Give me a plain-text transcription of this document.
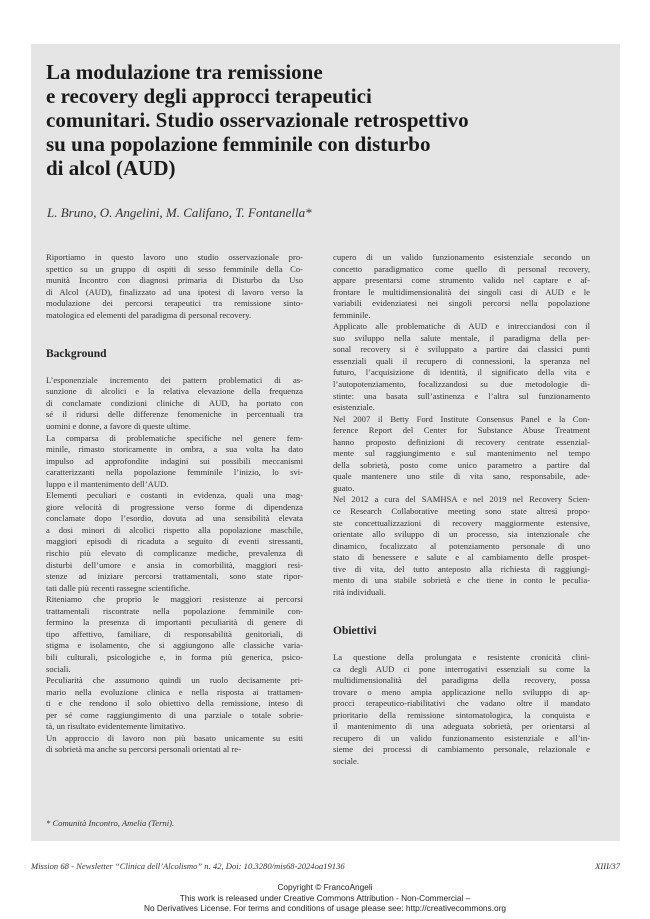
La modulazione tra remissione
e recovery degli approcci terapeutici
comunitari. Studio osservazionale retrospettivo
su una popolazione femminile con disturbo
di alcol (AUD)
L. Bruno, O. Angelini, M. Califano, T. Fontanella*

Riportiamo in questo lavoro uno studio osservazionale pro-
spettico su un gruppo di ospiti di sesso femminile della Co-
munità Incontro con diagnosi primaria di Disturbo da Uso
di Alcol (AUD), finalizzato ad una ipotesi di lavoro verso la
modulazione dei percorsi terapeutici tra remissione sinto-
matologica ed elementi del paradigma di personal recovery.

Background

L’esponenziale incremento dei pattern problematici di as-
sunzione di alcolici e la relativa elevazione della frequenza
di conclamate condizioni cliniche di AUD, ha portato con
sé il ridursi delle differenze fenomeniche in percentuali tra
uomini e donne, a favore di queste ultime.

La comparsa di problematiche specifiche nel genere fem-
minile, rimasto storicamente in ombra, a sua volta ha dato
impulso ad approfondite indagini sui possibili meccanismi
caratterizzanti nella popolazione femminile l’inizio, lo svi-
luppo e il mantenimento dell’AUD.

Elementi peculiari e costanti in evidenza, quali una mag-
giore velocità di progressione verso forme di dipendenza
conclamate dopo l’esordio, dovuta ad una sensibilità elevata
a dosi minori di alcolici rispetto alla popolazione maschile,
maggiori episodi di ricaduta a seguito di eventi stressanti,
rischio più elevato di complicanze mediche, prevalenza di
disturbi dell’umore e ansia in comorbilità, maggiori resi-
stenze ad iniziare percorsi trattamentali, sono state ripor-
tati dalle più recenti rassegne scientifiche.

Riteniamo che proprio le maggiori resistenze ai percorsi
trattamentali riscontrate nella popolazione femminile con-
fermino la presenza di importanti peculiarità di genere di
tipo affettivo, familiare, di responsabilità genitoriali, di
stigma e isolamento, che si aggiungono alle classiche varia-
bili culturali, psicologiche e, in forma più generica, psico-
sociali.

Peculiarità che assumono quindi un ruolo decisamente pri-
mario nella evoluzione clinica e nella risposta ai trattamen-
ti e che rendono il solo obiettivo della remissione, inteso di
per sé come raggiungimento di una parziale o totale sobrie-
tà, un risultato evidentemente limitativo.

Un approccio di lavoro non più basato unicamente su esiti
di sobrietà ma anche su percorsi personali orientati al re-

cupero di un valido funzionamento esistenziale secondo un
concetto paradigmatico come quello di personal recovery,
appare presentarsi come strumento valido nel captare e af-
frontare le multidimensionalità dei singoli casi di AUD e le
variabili evidenziatesi nei singoli percorsi nella popolazione
femminile.

Applicato alle problematiche di AUD e intrecciandosi con il
suo sviluppo nella salute mentale, il paradigma della per-
sonal recovery si è sviluppato a partire dai classici punti
essenziali quali il recupero di connessioni, la speranza nel
futuro, l’acquisizione di identità, il significato della vita e
l’autopotenziamento, focalizzandosi su due metodologie di-
stinte: una basata sull’astinenza e l’altra sul funzionamento
esistenziale.

Nel 2007 il Betty Ford Institute Consensus Panel e la Con-
ference Report del Center for Substance Abuse Treatment
hanno proposto definizioni di recovery centrate essenzial-
mente sul raggiungimento e sul mantenimento nel tempo
della sobrietà, posto come unico parametro a partire dal
quale mantenere uno stile di vita sano, responsabile, ade-
guato.

Nel 2012 a cura del SAMHSA e nel 2019 nel Recovery Scien-
ce Research Collaborative meeting sono state altresì propo-
ste concettualizzazioni di recovery maggiormente estensive,
orientate allo sviluppo di un processo, sia intenzionale che
dinamico, focalizzato al potenziamento personale di uno
stato di benessere e salute e al cambiamento delle prospet-
tive di vita, del tutto anteposto alla richiesta di raggiungi-
mento di una stabile sobrietà e che tiene in conto le peculia-
rità individuali.

Obiettivi

La questione della prolungata e resistente cronicità clini-
ca degli AUD ci pone interrogativi essenziali su come la
multidimensionalità del paradigma della recovery, possa
trovare o meno ampia applicazione nello sviluppo di ap-
procci terapeutico-riabilitativi che vadano oltre il mandato
prioritario della remissione sintomatologica, la conquista e
il mantenimento di una adeguata sobrietà, per orientarsi al
recupero di un valido funzionamento esistenziale e all’in-
sieme dei processi di cambiamento personale, relazionale e
sociale.

* Comunità Incontro, Amelia (Terni).
Mission 68 - Newsletter “Clinica dell’Alcolismo” n. 42, Doi: 10.3280/mis68-2024oa19136	XIII/37
Copyright © FrancoAngeli
This work is released under Creative Commons Attribution - Non-Commercial –
No Derivatives License. For terms and conditions of usage please see: http://creativecommons.org
